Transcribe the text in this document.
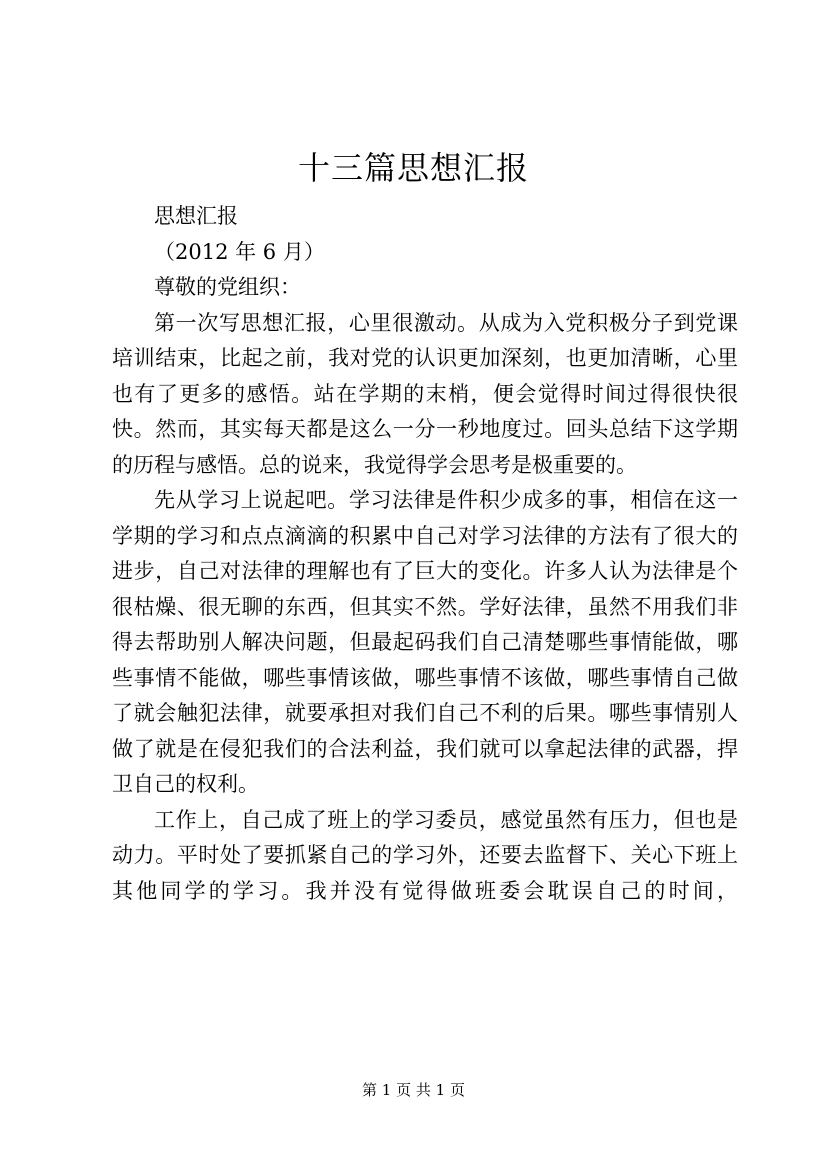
十三篇思想汇报

思想汇报

（2012 年 6 月）

尊敬的党组织：

第一次写思想汇报，心里很激动。从成为入党积极分子到党课培训结束，比起之前，我对党的认识更加深刻，也更加清晰，心里也有了更多的感悟。站在学期的末梢，便会觉得时间过得很快很快。然而，其实每天都是这么一分一秒地度过。回头总结下这学期的历程与感悟。总的说来，我觉得学会思考是极重要的。

先从学习上说起吧。学习法律是件积少成多的事，相信在这一学期的学习和点点滴滴的积累中自己对学习法律的方法有了很大的进步，自己对法律的理解也有了巨大的变化。许多人认为法律是个很枯燥、很无聊的东西，但其实不然。学好法律，虽然不用我们非得去帮助别人解决问题，但最起码我们自己清楚哪些事情能做，哪些事情不能做，哪些事情该做，哪些事情不该做，哪些事情自己做了就会触犯法律，就要承担对我们自己不利的后果。哪些事情别人做了就是在侵犯我们的合法利益，我们就可以拿起法律的武器，捍卫自己的权利。

工作上，自己成了班上的学习委员，感觉虽然有压力，但也是动力。平时处了要抓紧自己的学习外，还要去监督下、关心下班上其他同学的学习。我并没有觉得做班委会耽误自己的时间，

第 1 页 共 1 页
